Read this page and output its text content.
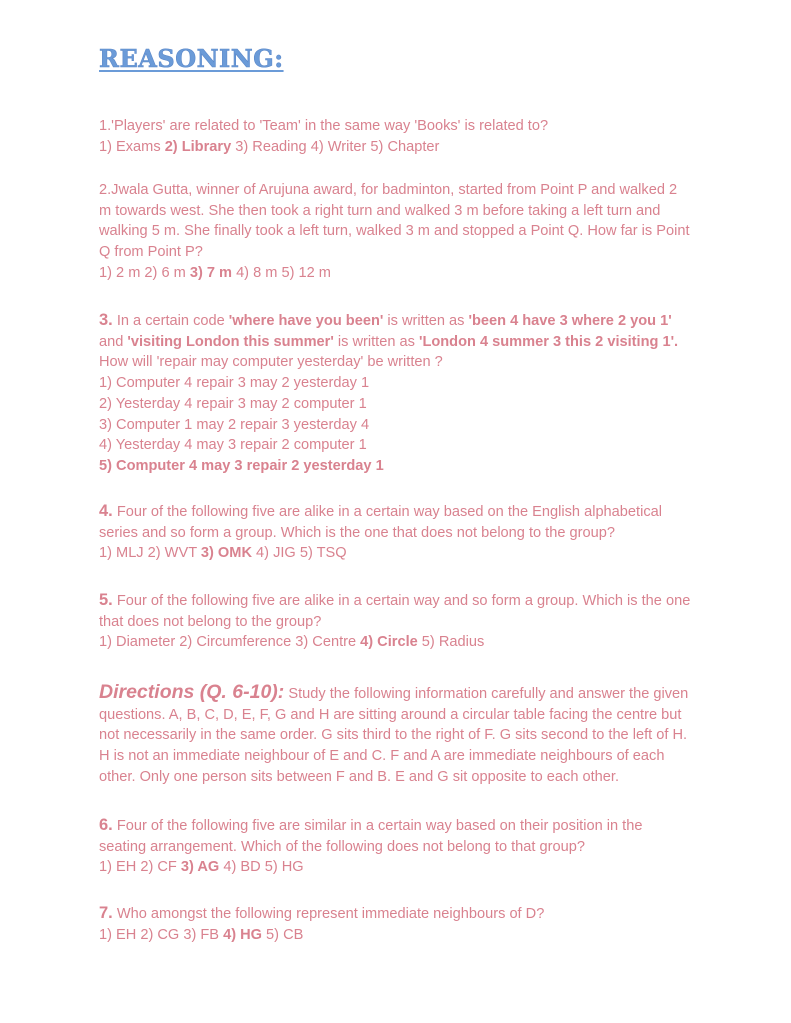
REASONING:
1.'Players' are related to 'Team' in the same way 'Books' is related to?
1) Exams 2) Library 3) Reading 4) Writer 5) Chapter
2.Jwala Gutta, winner of Arujuna award, for badminton, started from Point P and walked 2
m towards west. She then took a right turn and walked 3 m before taking a left turn and
walking 5 m. She finally took a left turn, walked 3 m and stopped a Point Q. How far is Point
Q from Point P?
1) 2 m 2) 6 m 3) 7 m 4) 8 m 5) 12 m
3. In a certain code 'where have you been' is written as 'been 4 have 3 where 2 you 1'
and 'visiting London this summer' is written as 'London 4 summer 3 this 2 visiting 1'.
How will 'repair may computer yesterday' be written ?
1) Computer 4 repair 3 may 2 yesterday 1
2) Yesterday 4 repair 3 may 2 computer 1
3) Computer 1 may 2 repair 3 yesterday 4
4) Yesterday 4 may 3 repair 2 computer 1
5) Computer 4 may 3 repair 2 yesterday 1
4. Four of the following five are alike in a certain way based on the English alphabetical
series and so form a group. Which is the one that does not belong to the group?
1) MLJ 2) WVT 3) OMK 4) JIG 5) TSQ
5. Four of the following five are alike in a certain way and so form a group. Which is the one
that does not belong to the group?
1) Diameter 2) Circumference 3) Centre 4) Circle 5) Radius
Directions (Q. 6-10): Study the following information carefully and answer the given
questions. A, B, C, D, E, F, G and H are sitting around a circular table facing the centre but
not necessarily in the same order. G sits third to the right of F. G sits second to the left of H.
H is not an immediate neighbour of E and C. F and A are immediate neighbours of each
other. Only one person sits between F and B. E and G sit opposite to each other.
6. Four of the following five are similar in a certain way based on their position in the
seating arrangement. Which of the following does not belong to that group?
1) EH 2) CF 3) AG 4) BD 5) HG
7. Who amongst the following represent immediate neighbours of D?
1) EH 2) CG 3) FB 4) HG 5) CB
